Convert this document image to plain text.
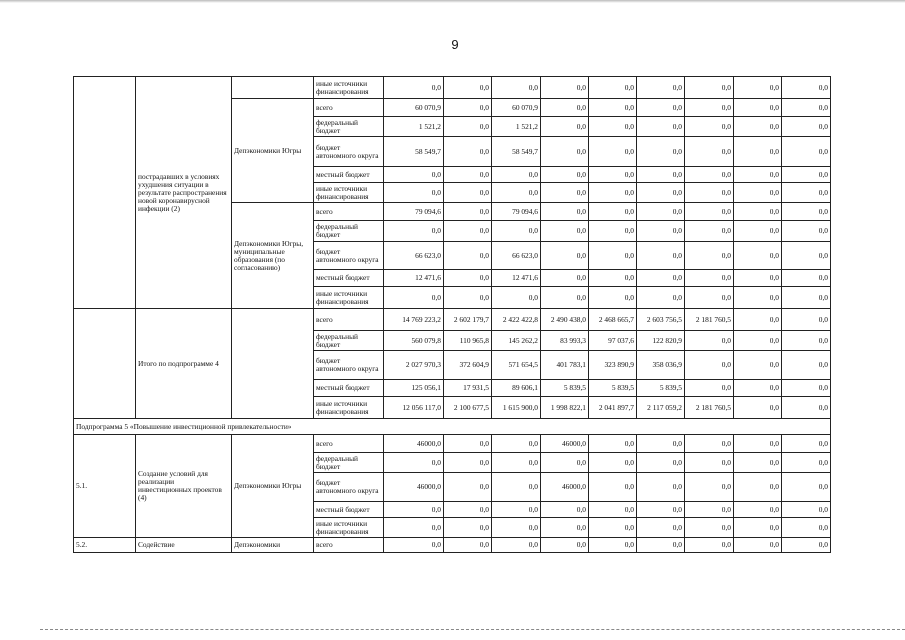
9
	пострадавших в условиях ухудшения ситуации в результате распространения новой коронавирусной инфекции (2)		иные источники финансирования	0,0	0,0	0,0	0,0	0,0	0,0	0,0	0,0	0,0
		Депэкономики Югры	всего	60 070,9	0,0	60 070,9	0,0	0,0	0,0	0,0	0,0	0,0
			федеральный бюджет	1 521,2	0,0	1 521,2	0,0	0,0	0,0	0,0	0,0	0,0
			бюджет автономного округа	58 549,7	0,0	58 549,7	0,0	0,0	0,0	0,0	0,0	0,0
			местный бюджет	0,0	0,0	0,0	0,0	0,0	0,0	0,0	0,0	0,0
			иные источники финансирования	0,0	0,0	0,0	0,0	0,0	0,0	0,0	0,0	0,0
		Депэкономики Югры, муниципальные образования (по согласованию)	всего	79 094,6	0,0	79 094,6	0,0	0,0	0,0	0,0	0,0	0,0
			федеральный бюджет	0,0	0,0	0,0	0,0	0,0	0,0	0,0	0,0	0,0
			бюджет автономного округа	66 623,0	0,0	66 623,0	0,0	0,0	0,0	0,0	0,0	0,0
			местный бюджет	12 471,6	0,0	12 471,6	0,0	0,0	0,0	0,0	0,0	0,0
			иные источники финансирования	0,0	0,0	0,0	0,0	0,0	0,0	0,0	0,0	0,0
	Итого по подпрограмме 4		всего	14 769 223,2	2 602 179,7	2 422 422,8	2 490 438,0	2 468 665,7	2 603 756,5	2 181 760,5	0,0	0,0
			федеральный бюджет	560 079,8	110 965,8	145 262,2	83 993,3	97 037,6	122 820,9	0,0	0,0	0,0
			бюджет автономного округа	2 027 970,3	372 604,9	571 654,5	401 783,1	323 890,9	358 036,9	0,0	0,0	0,0
			местный бюджет	125 056,1	17 931,5	89 606,1	5 839,5	5 839,5	5 839,5	0,0	0,0	0,0
			иные источники финансирования	12 056 117,0	2 100 677,5	1 615 900,0	1 998 822,1	2 041 897,7	2 117 059,2	2 181 760,5	0,0	0,0
Подпрограмма 5 «Повышение инвестиционной привлекательности»												
5.1.	Создание условий для реализации инвестиционных проектов (4)	Депэкономики Югры	всего	46000,0	0,0	0,0	46000,0	0,0	0,0	0,0	0,0	0,0
			федеральный бюджет	0,0	0,0	0,0	0,0	0,0	0,0	0,0	0,0	0,0
			бюджет автономного округа	46000,0	0,0	0,0	46000,0	0,0	0,0	0,0	0,0	0,0
			местный бюджет	0,0	0,0	0,0	0,0	0,0	0,0	0,0	0,0	0,0
			иные источники финансирования	0,0	0,0	0,0	0,0	0,0	0,0	0,0	0,0	0,0
5.2.	Содействие	Депэкономики	всего	0,0	0,0	0,0	0,0	0,0	0,0	0,0	0,0	0,0
